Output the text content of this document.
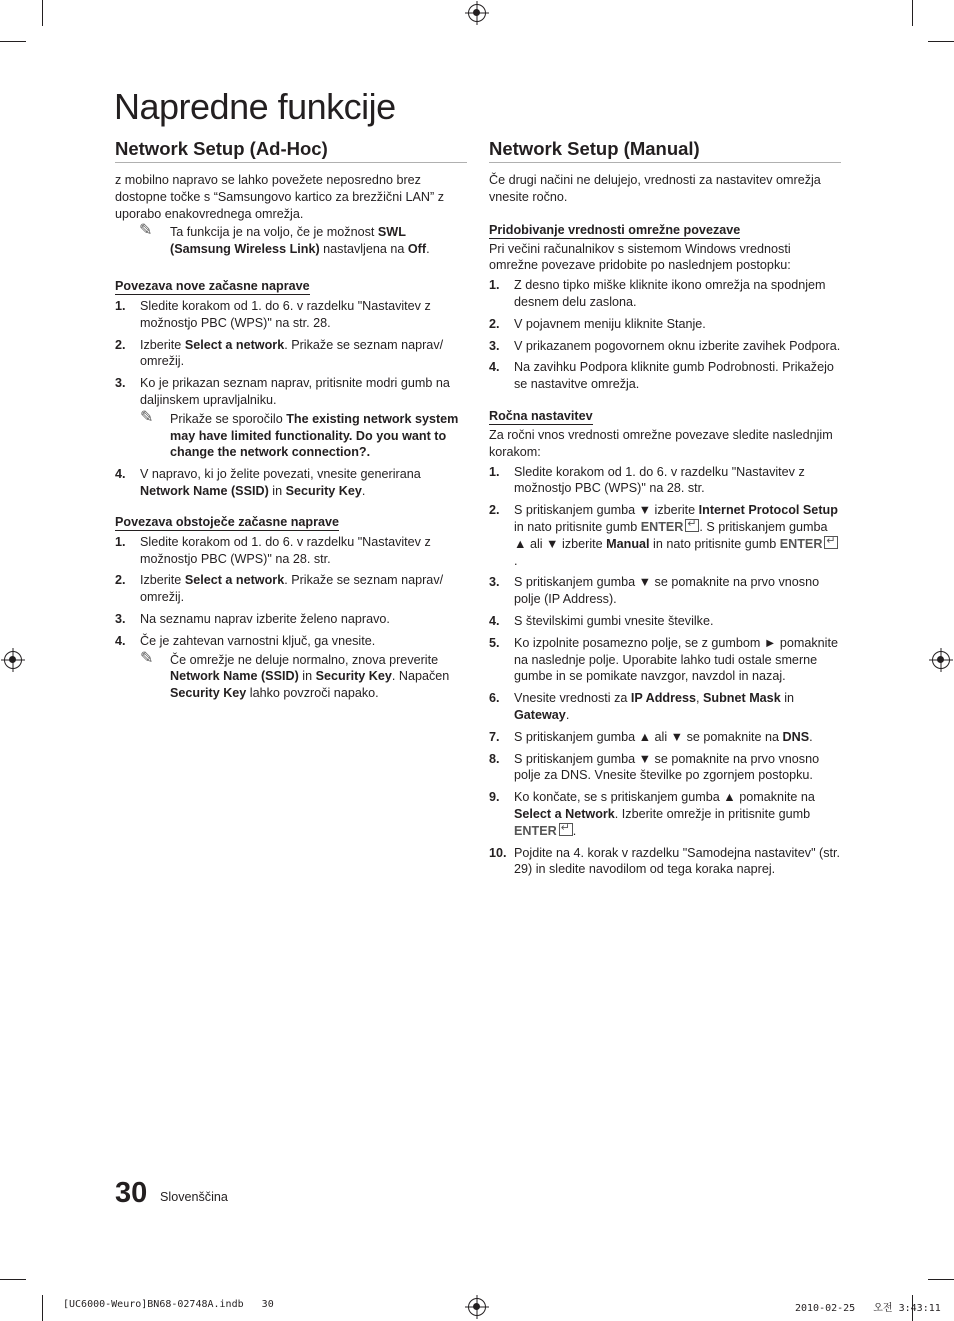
Napredne funkcije
Network Setup (Ad-Hoc)

z mobilno napravo se lahko povežete neposredno brez dostopne točke s “Samsungovo kartico za brezžični LAN” z uporabo enakovrednega omrežja.

✎ Ta funkcija je na voljo, če je možnost SWL (Samsung Wireless Link) nastavljena na Off.
Povezava nove začasne naprave
1. Sledite korakom od 1. do 6. v razdelku "Nastavitev z možnostjo PBC (WPS)" na str. 28.
2. Izberite Select a network. Prikaže se seznam naprav/ omrežij.
3. Ko je prikazan seznam naprav, pritisnite modri gumb na daljinskem upravljalniku.
✎ Prikaže se sporočilo The existing network system may have limited functionality. Do you want to change the network connection?.
4. V napravo, ki jo želite povezati, vnesite generirana Network Name (SSID) in Security Key.
Povezava obstoječe začasne naprave
1. Sledite korakom od 1. do 6. v razdelku "Nastavitev z možnostjo PBC (WPS)" na 28. str.
2. Izberite Select a network. Prikaže se seznam naprav/ omrežij.
3. Na seznamu naprav izberite želeno napravo.
4. Če je zahtevan varnostni ključ, ga vnesite.
✎ Če omrežje ne deluje normalno, znova preverite Network Name (SSID) in Security Key. Napačen Security Key lahko povzroči napako.
Network Setup (Manual)

Če drugi načini ne delujejo, vrednosti za nastavitev omrežja vnesite ročno.

Pridobivanje vrednosti omrežne povezave

Pri večini računalnikov s sistemom Windows vrednosti omrežne povezave pridobite po naslednjem postopku:

1. Z desno tipko miške kliknite ikono omrežja na spodnjem desnem delu zaslona.
2. V pojavnem meniju kliknite Stanje.
3. V prikazanem pogovornem oknu izberite zavihek Podpora.
4. Na zavihku Podpora kliknite gumb Podrobnosti. Prikažejo se nastavitve omrežja.
Ročna nastavitev

Za ročni vnos vrednosti omrežne povezave sledite naslednjim korakom:

1. Sledite korakom od 1. do 6. v razdelku "Nastavitev z možnostjo PBC (WPS)" na 28. str.
2. S pritiskanjem gumba ▼ izberite Internet Protocol Setup in nato pritisnite gumb ENTER ↵ . S pritiskanjem gumba ▲ ali ▼ izberite Manual in nato pritisnite gumb ENTER↵.
3. S pritiskanjem gumba ▼ se pomaknite na prvo vnosno polje (IP Address).
4. S številskimi gumbi vnesite številke.
5. Ko izpolnite posamezno polje, se z gumbom ► pomaknite na naslednje polje. Uporabite lahko tudi ostale smerne gumbe in se pomikate navzgor, navzdol in nazaj.
6. Vnesite vrednosti za IP Address, Subnet Mask in Gateway.
7. S pritiskanjem gumba ▲ ali ▼ se pomaknite na DNS.
8. S pritiskanjem gumba ▼ se pomaknite na prvo vnosno polje za DNS. Vnesite številke po zgornjem postopku.
9. Ko končate, se s pritiskanjem gumba ▲ pomaknite na Select a Network. Izberite omrežje in pritisnite gumb ENTER ↵ .
10. Pojdite na 4. korak v razdelku "Samodejna nastavitev" (str. 29) in sledite navodilom od tega koraka naprej.
30 Slovenščina
[UC6000-Weuro]BN68-02748A.indb   30	2010-02-25   오전 3:43:11
